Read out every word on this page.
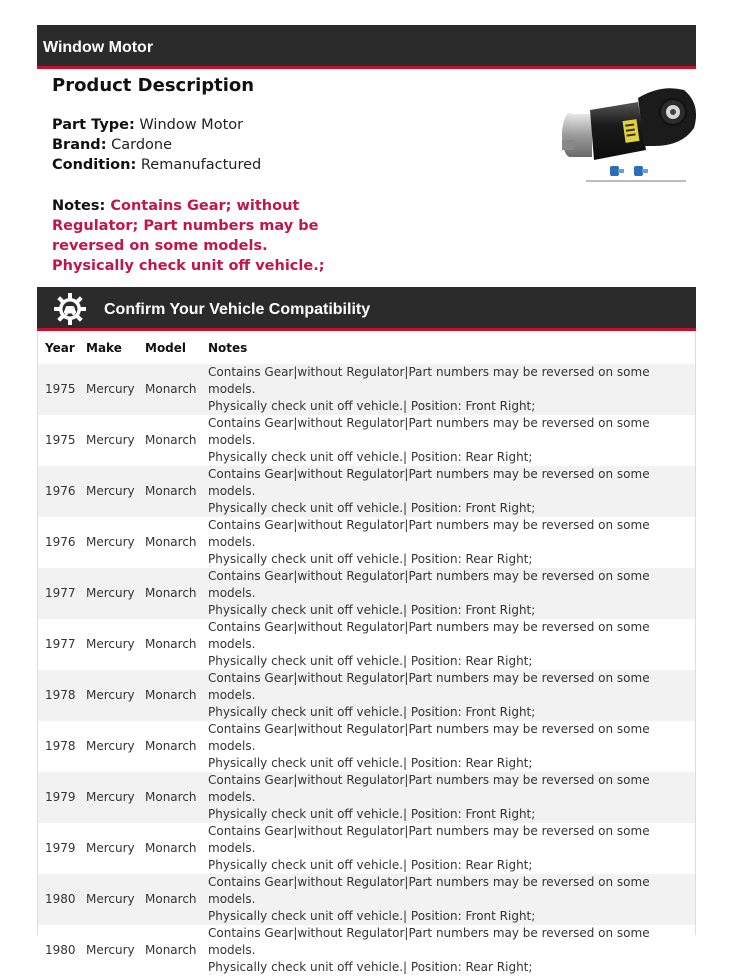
Window Motor
Product Description
Part Type: Window Motor
Brand: Cardone
Condition: Remanufactured
Notes: Contains Gear; without Regulator; Part numbers may be reversed on some models. Physically check unit off vehicle.;
Confirm Your Vehicle Compatibility
Year	Make	Model	Notes
1975	Mercury	Monarch	Contains Gear|without Regulator|Part numbers may be reversed on some models.
Physically check unit off vehicle.| Position: Front Right;
1975	Mercury	Monarch	Contains Gear|without Regulator|Part numbers may be reversed on some models.
Physically check unit off vehicle.| Position: Rear Right;
1976	Mercury	Monarch	Contains Gear|without Regulator|Part numbers may be reversed on some models.
Physically check unit off vehicle.| Position: Front Right;
1976	Mercury	Monarch	Contains Gear|without Regulator|Part numbers may be reversed on some models.
Physically check unit off vehicle.| Position: Rear Right;
1977	Mercury	Monarch	Contains Gear|without Regulator|Part numbers may be reversed on some models.
Physically check unit off vehicle.| Position: Front Right;
1977	Mercury	Monarch	Contains Gear|without Regulator|Part numbers may be reversed on some models.
Physically check unit off vehicle.| Position: Rear Right;
1978	Mercury	Monarch	Contains Gear|without Regulator|Part numbers may be reversed on some models.
Physically check unit off vehicle.| Position: Front Right;
1978	Mercury	Monarch	Contains Gear|without Regulator|Part numbers may be reversed on some models.
Physically check unit off vehicle.| Position: Rear Right;
1979	Mercury	Monarch	Contains Gear|without Regulator|Part numbers may be reversed on some models.
Physically check unit off vehicle.| Position: Front Right;
1979	Mercury	Monarch	Contains Gear|without Regulator|Part numbers may be reversed on some models.
Physically check unit off vehicle.| Position: Rear Right;
1980	Mercury	Monarch	Contains Gear|without Regulator|Part numbers may be reversed on some models.
Physically check unit off vehicle.| Position: Front Right;
1980	Mercury	Monarch	Contains Gear|without Regulator|Part numbers may be reversed on some models.
Physically check unit off vehicle.| Position: Rear Right;
